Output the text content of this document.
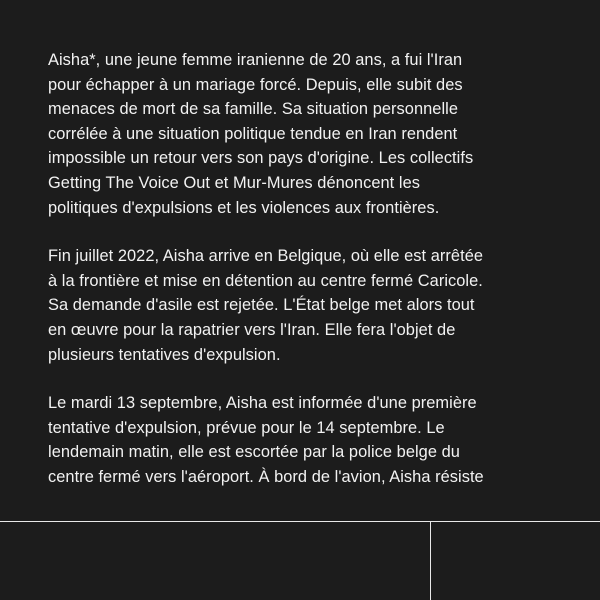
Aisha*, une jeune femme iranienne de 20 ans, a fui l'Iran
pour échapper à un mariage forcé. Depuis, elle subit des
menaces de mort de sa famille. Sa situation personnelle
corrélée à une situation politique tendue en Iran rendent
impossible un retour vers son pays d'origine. Les collectifs
Getting The Voice Out et Mur-Mures dénoncent les
politiques d'expulsions et les violences aux frontières.

Fin juillet 2022, Aisha arrive en Belgique, où elle est arrêtée
à la frontière et mise en détention au centre fermé Caricole.
Sa demande d'asile est rejetée. L'État belge met alors tout
en œuvre pour la rapatrier vers l'Iran. Elle fera l'objet de
plusieurs tentatives d'expulsion.

Le mardi 13 septembre, Aisha est informée d'une première
tentative d'expulsion, prévue pour le 14 septembre. Le
lendemain matin, elle est escortée par la police belge du
centre fermé vers l'aéroport. À bord de l'avion, Aisha résiste
